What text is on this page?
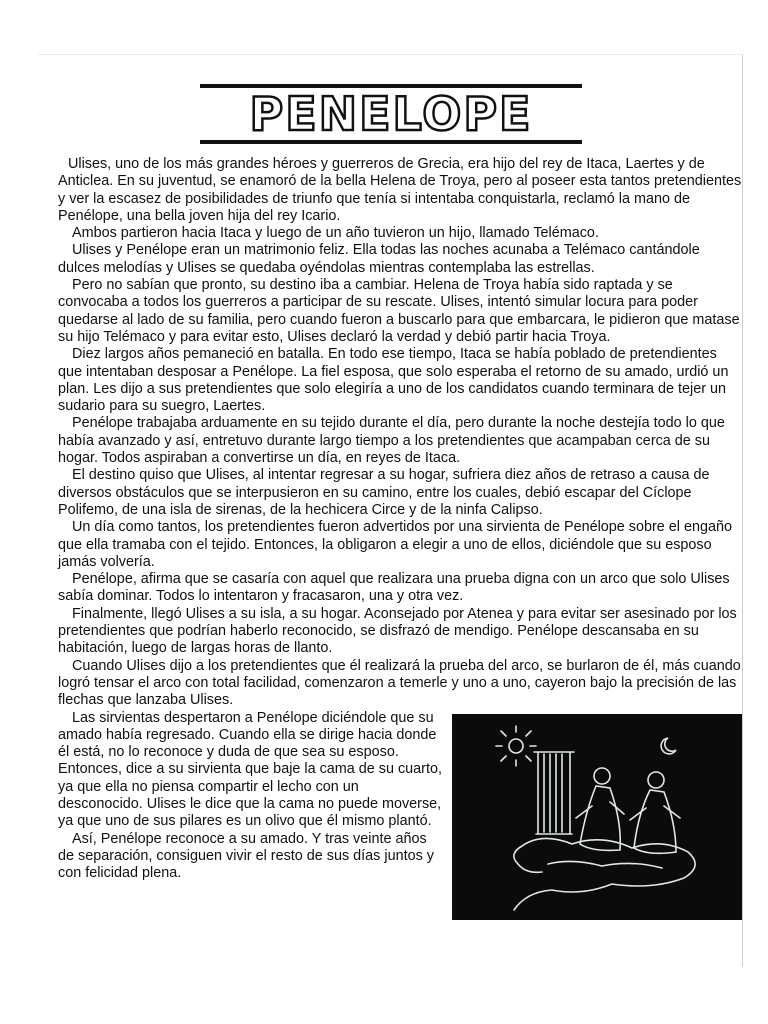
PENELOPE

Ulises, uno de los más grandes héroes y guerreros de Grecia, era hijo del rey de Itaca, Laertes y de Anticlea. En su juventud, se enamoró de la bella Helena de Troya, pero al poseer esta tantos pretendientes y ver la escasez de posibilidades de triunfo que tenía si intentaba conquistarla, reclamó la mano de Penélope, una bella joven hija del rey Icario.

Ambos partieron hacia Itaca y luego de un año tuvieron un hijo, llamado Telémaco.

Ulises y Penélope eran un matrimonio feliz. Ella todas las noches acunaba a Telémaco cantándole dulces melodías y Ulises se quedaba oyéndolas mientras contemplaba las estrellas.

Pero no sabían que pronto, su destino iba a cambiar. Helena de Troya había sido raptada y se convocaba a todos los guerreros a participar de su rescate. Ulises, intentó simular locura para poder quedarse al lado de su familia, pero cuando fueron a buscarlo para que embarcara, le pidieron que matase su hijo Telémaco y para evitar esto, Ulises declaró la verdad y debió partir hacia Troya.

Diez largos años pemaneció en batalla. En todo ese tiempo, Itaca se había poblado de pretendientes que intentaban desposar a Penélope. La fiel esposa, que solo esperaba el retorno de su amado, urdió un plan. Les dijo a sus pretendientes que solo elegiría a uno de los candidatos cuando terminara de tejer un sudario para su suegro, Laertes.

Penélope trabajaba arduamente en su tejido durante el día, pero durante la noche destejía todo lo que había avanzado y así, entretuvo durante largo tiempo a los pretendientes que acampaban cerca de su hogar. Todos aspiraban a convertirse un día, en reyes de Itaca.

El destino quiso que Ulises, al intentar regresar a su hogar, sufriera diez años de retraso a causa de diversos obstáculos que se interpusieron en su camino, entre los cuales, debió escapar del Cíclope Polifemo, de una isla de sirenas, de la hechicera Circe y de la ninfa Calipso.

Un día como tantos, los pretendientes fueron advertidos por una sirvienta de Penélope sobre el engaño que ella tramaba con el tejido. Entonces, la obligaron a elegir a uno de ellos, diciéndole que su esposo jamás volvería.

Penélope, afirma que se casaría con aquel que realizara una prueba digna con un arco que solo Ulises sabía dominar. Todos lo intentaron y fracasaron, una y otra vez.

Finalmente, llegó Ulises a su isla, a su hogar. Aconsejado por Atenea y para evitar ser asesinado por los pretendientes que podrían haberlo reconocido, se disfrazó de mendigo. Penélope descansaba en su habitación, luego de largas horas de llanto.

Cuando Ulises dijo a los pretendientes que él realizará la prueba del arco, se burlaron de él, más cuando logró tensar el arco con total facilidad, comenzaron a temerle y uno a uno, cayeron bajo la precisión de las flechas que lanzaba Ulises.

Las sirvientas despertaron a Penélope diciéndole que su amado había regresado. Cuando ella se dirige hacia donde él está, no lo reconoce y duda de que sea su esposo. Entonces, dice a su sirvienta que baje la cama de su cuarto, ya que ella no piensa compartir el lecho con un desconocido. Ulises le dice que la cama no puede moverse, ya que uno de sus pilares es un olivo que él mismo plantó.

Así, Penélope reconoce a su amado. Y tras veinte años de separación, consiguen vivir el resto de sus días juntos y con felicidad plena.
